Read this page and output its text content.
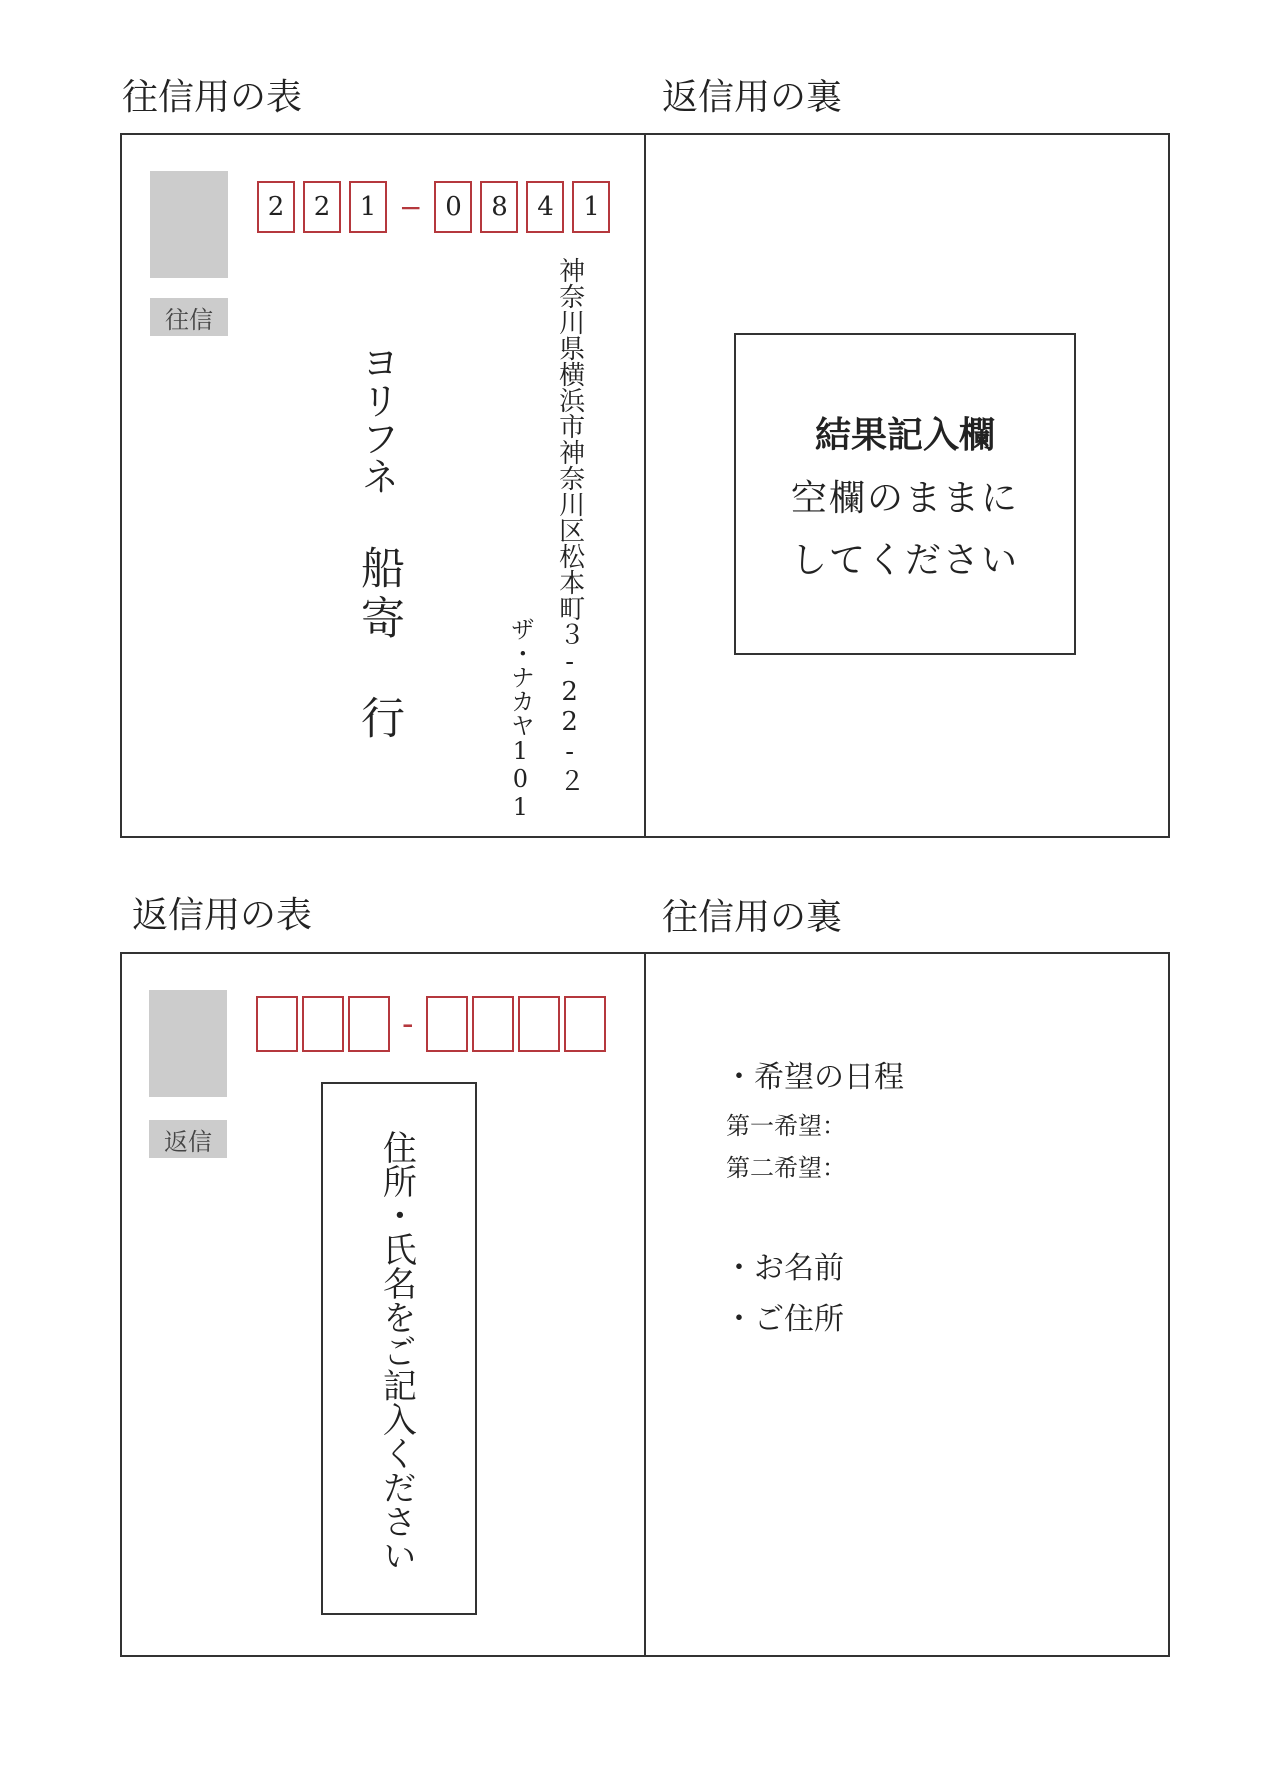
往信用の表	返信用の裏
往信
2	2	1 − 0	8	4	1
神奈川県横浜市神奈川区松本町３-22-２
ザ・ナカヤ101
ヨリフネ
船寄　行
結果記入欄
空欄のままに
してください
返信用の表	往信用の裏
返信
-
住所・氏名をご記入ください
・希望の日程
第一希望：
第二希望：
・お名前
・ご住所
